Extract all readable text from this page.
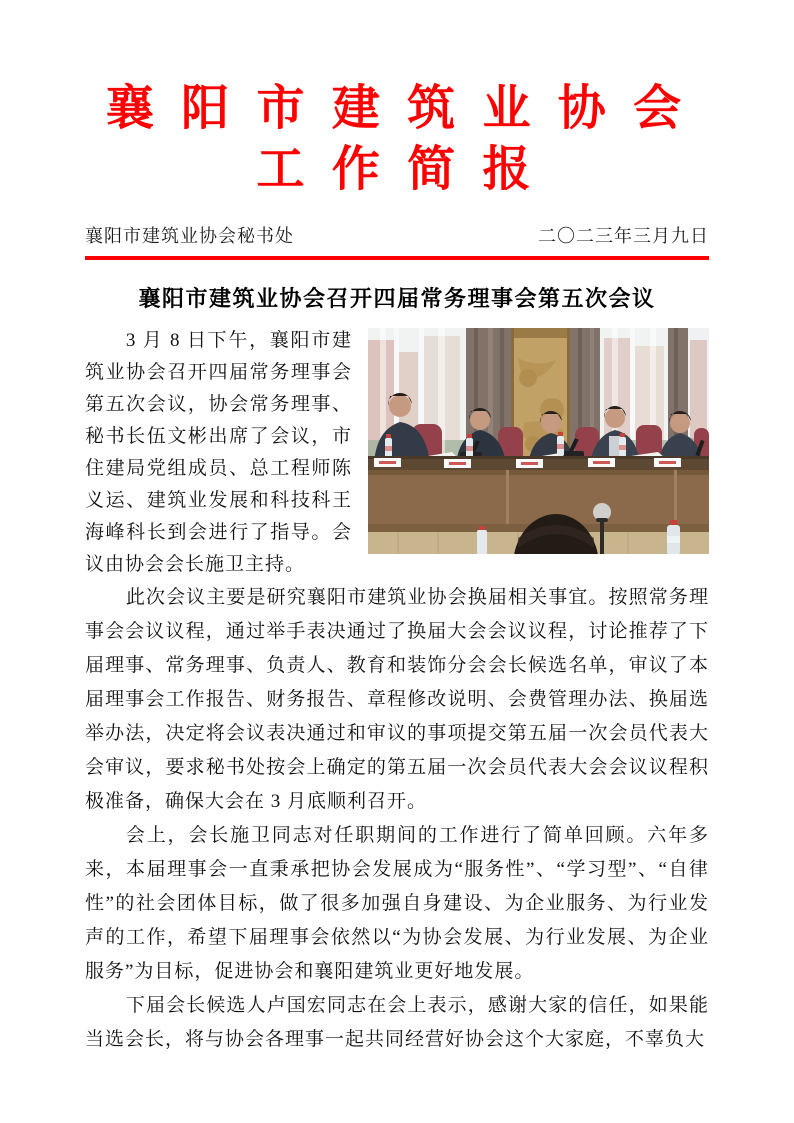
襄 阳 市 建 筑 业 协 会
工 作 简 报
襄阳市建筑业协会秘书处	二〇二三年三月九日
襄阳市建筑业协会召开四届常务理事会第五次会议

3 月 8 日下午，襄阳市建筑业协会召开四届常务理事会第五次会议，协会常务理事、秘书长伍文彬出席了会议，市住建局党组成员、总工程师陈义运、建筑业发展和科技科王海峰科长到会进行了指导。会议由协会会长施卫主持。

此次会议主要是研究襄阳市建筑业协会换届相关事宜。按照常务理事会会议议程，通过举手表决通过了换届大会会议议程，讨论推荐了下届理事、常务理事、负责人、教育和装饰分会会长候选名单，审议了本届理事会工作报告、财务报告、章程修改说明、会费管理办法、换届选举办法，决定将会议表决通过和审议的事项提交第五届一次会员代表大会审议，要求秘书处按会上确定的第五届一次会员代表大会会议议程积极准备，确保大会在 3 月底顺利召开。

会上，会长施卫同志对任职期间的工作进行了简单回顾。六年多来，本届理事会一直秉承把协会发展成为“服务性”、“学习型”、“自律性”的社会团体目标，做了很多加强自身建设、为企业服务、为行业发声的工作，希望下届理事会依然以“为协会发展、为行业发展、为企业服务”为目标，促进协会和襄阳建筑业更好地发展。

下届会长候选人卢国宏同志在会上表示，感谢大家的信任，如果能当选会长，将与协会各理事一起共同经营好协会这个大家庭，不辜负大
